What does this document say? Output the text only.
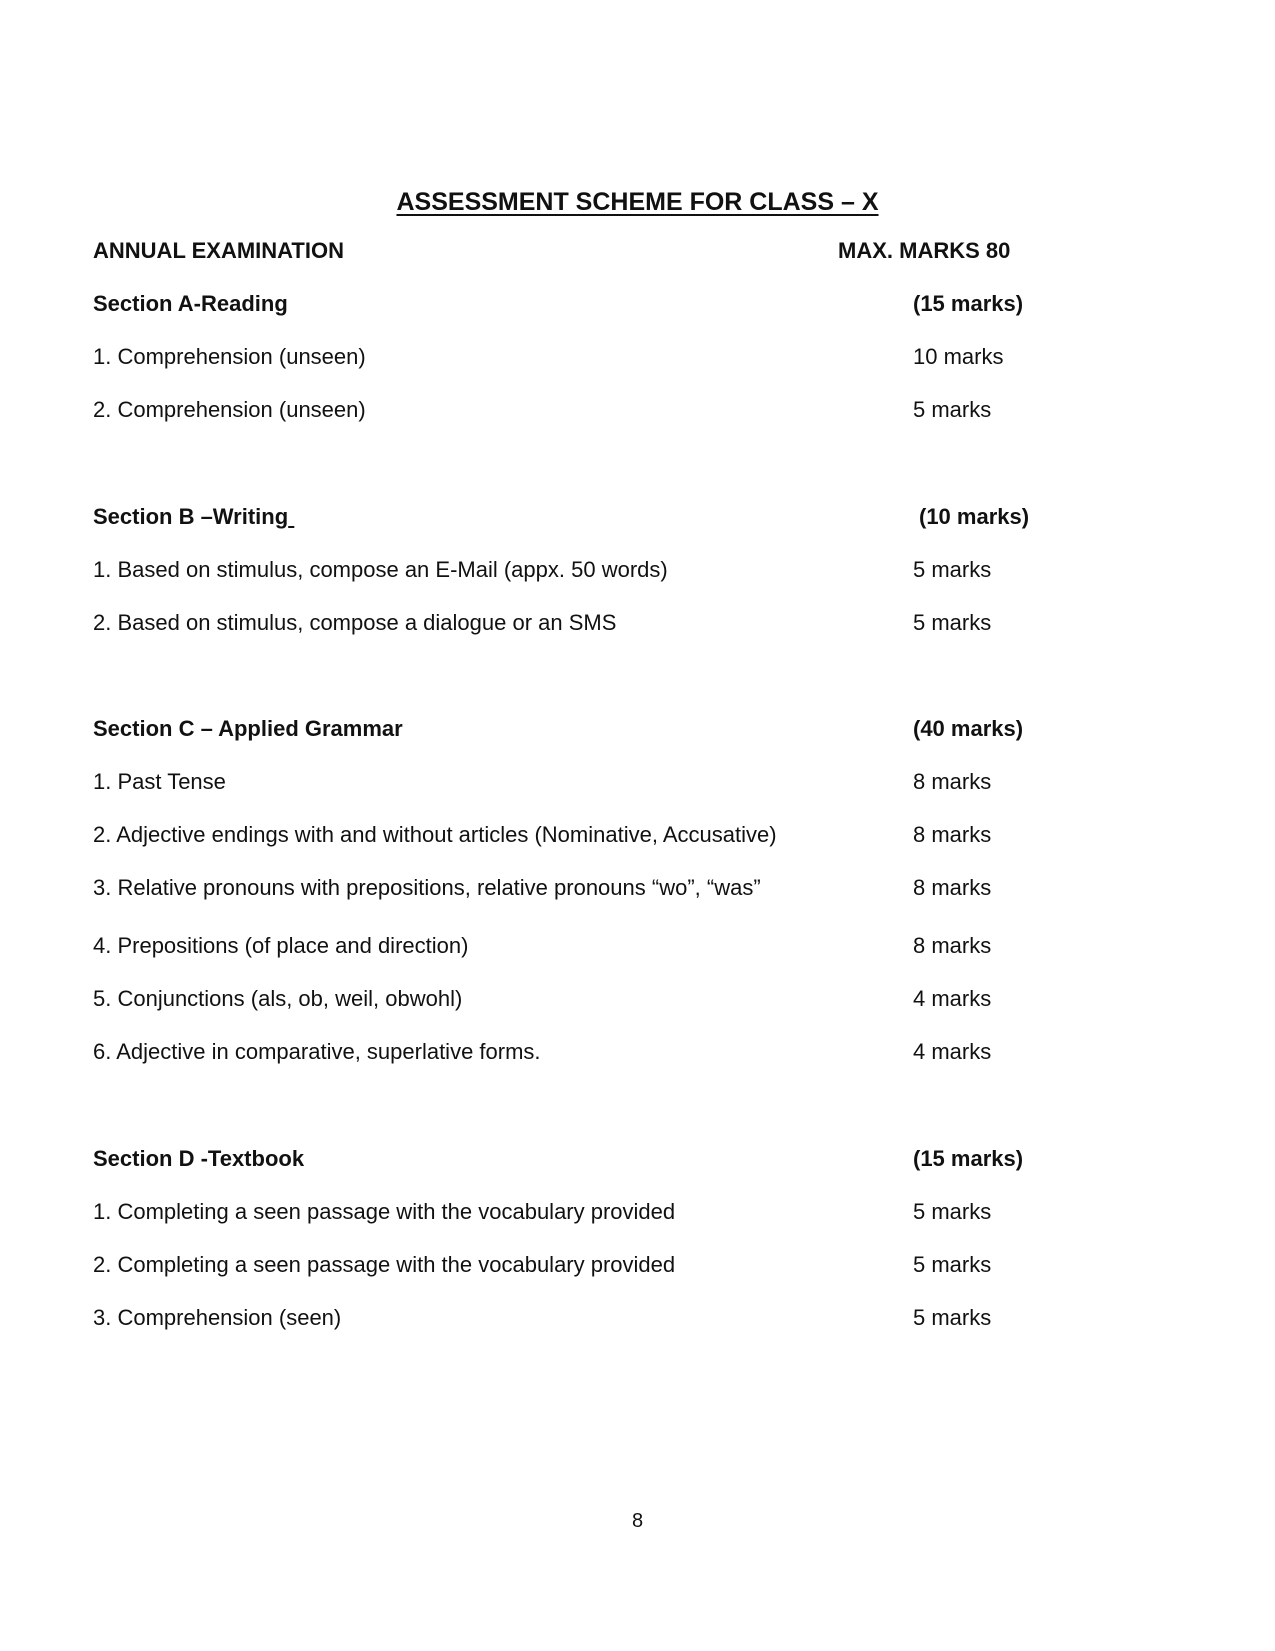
ASSESSMENT SCHEME FOR CLASS – X
ANNUAL EXAMINATION	MAX. MARKS 80
Section A-Reading	(15 marks)
1. Comprehension (unseen)	10 marks
2. Comprehension (unseen)	5 marks
Section B –Writing	(10 marks)
1. Based on stimulus, compose an E-Mail (appx. 50 words)	5 marks
2. Based on stimulus, compose a dialogue or an SMS	5 marks
Section C – Applied Grammar	(40 marks)
1. Past Tense	8 marks
2. Adjective endings with and without articles (Nominative, Accusative)	8 marks
3. Relative pronouns with prepositions, relative pronouns “wo”, “was”	8 marks
4. Prepositions (of place and direction)	8 marks
5. Conjunctions (als, ob, weil, obwohl)	4 marks
6. Adjective in comparative, superlative forms.	4 marks
Section D -Textbook	(15 marks)
1. Completing a seen passage with the vocabulary provided	5 marks
2. Completing a seen passage with the vocabulary provided	5 marks
3. Comprehension (seen)	5 marks
8
